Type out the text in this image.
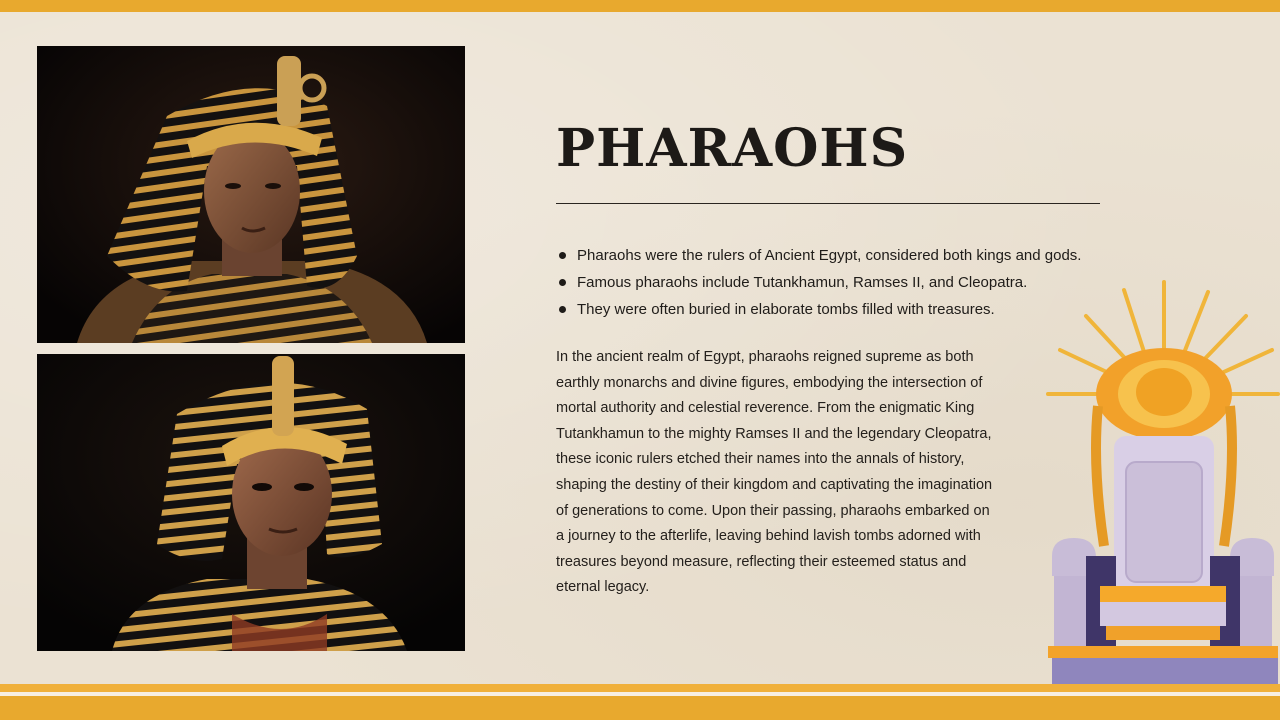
PHARAOHS
Pharaohs were the rulers of Ancient Egypt, considered both kings and gods.
Famous pharaohs include Tutankhamun, Ramses II, and Cleopatra.
They were often buried in elaborate tombs filled with treasures.

In the ancient realm of Egypt, pharaohs reigned supreme as both earthly monarchs and divine figures, embodying the intersection of mortal authority and celestial reverence. From the enigmatic King Tutankhamun to the mighty Ramses II and the legendary Cleopatra, these iconic rulers etched their names into the annals of history, shaping the destiny of their kingdom and captivating the imagination of generations to come. Upon their passing, pharaohs embarked on a journey to the afterlife, leaving behind lavish tombs adorned with treasures beyond measure, reflecting their esteemed status and eternal legacy.
